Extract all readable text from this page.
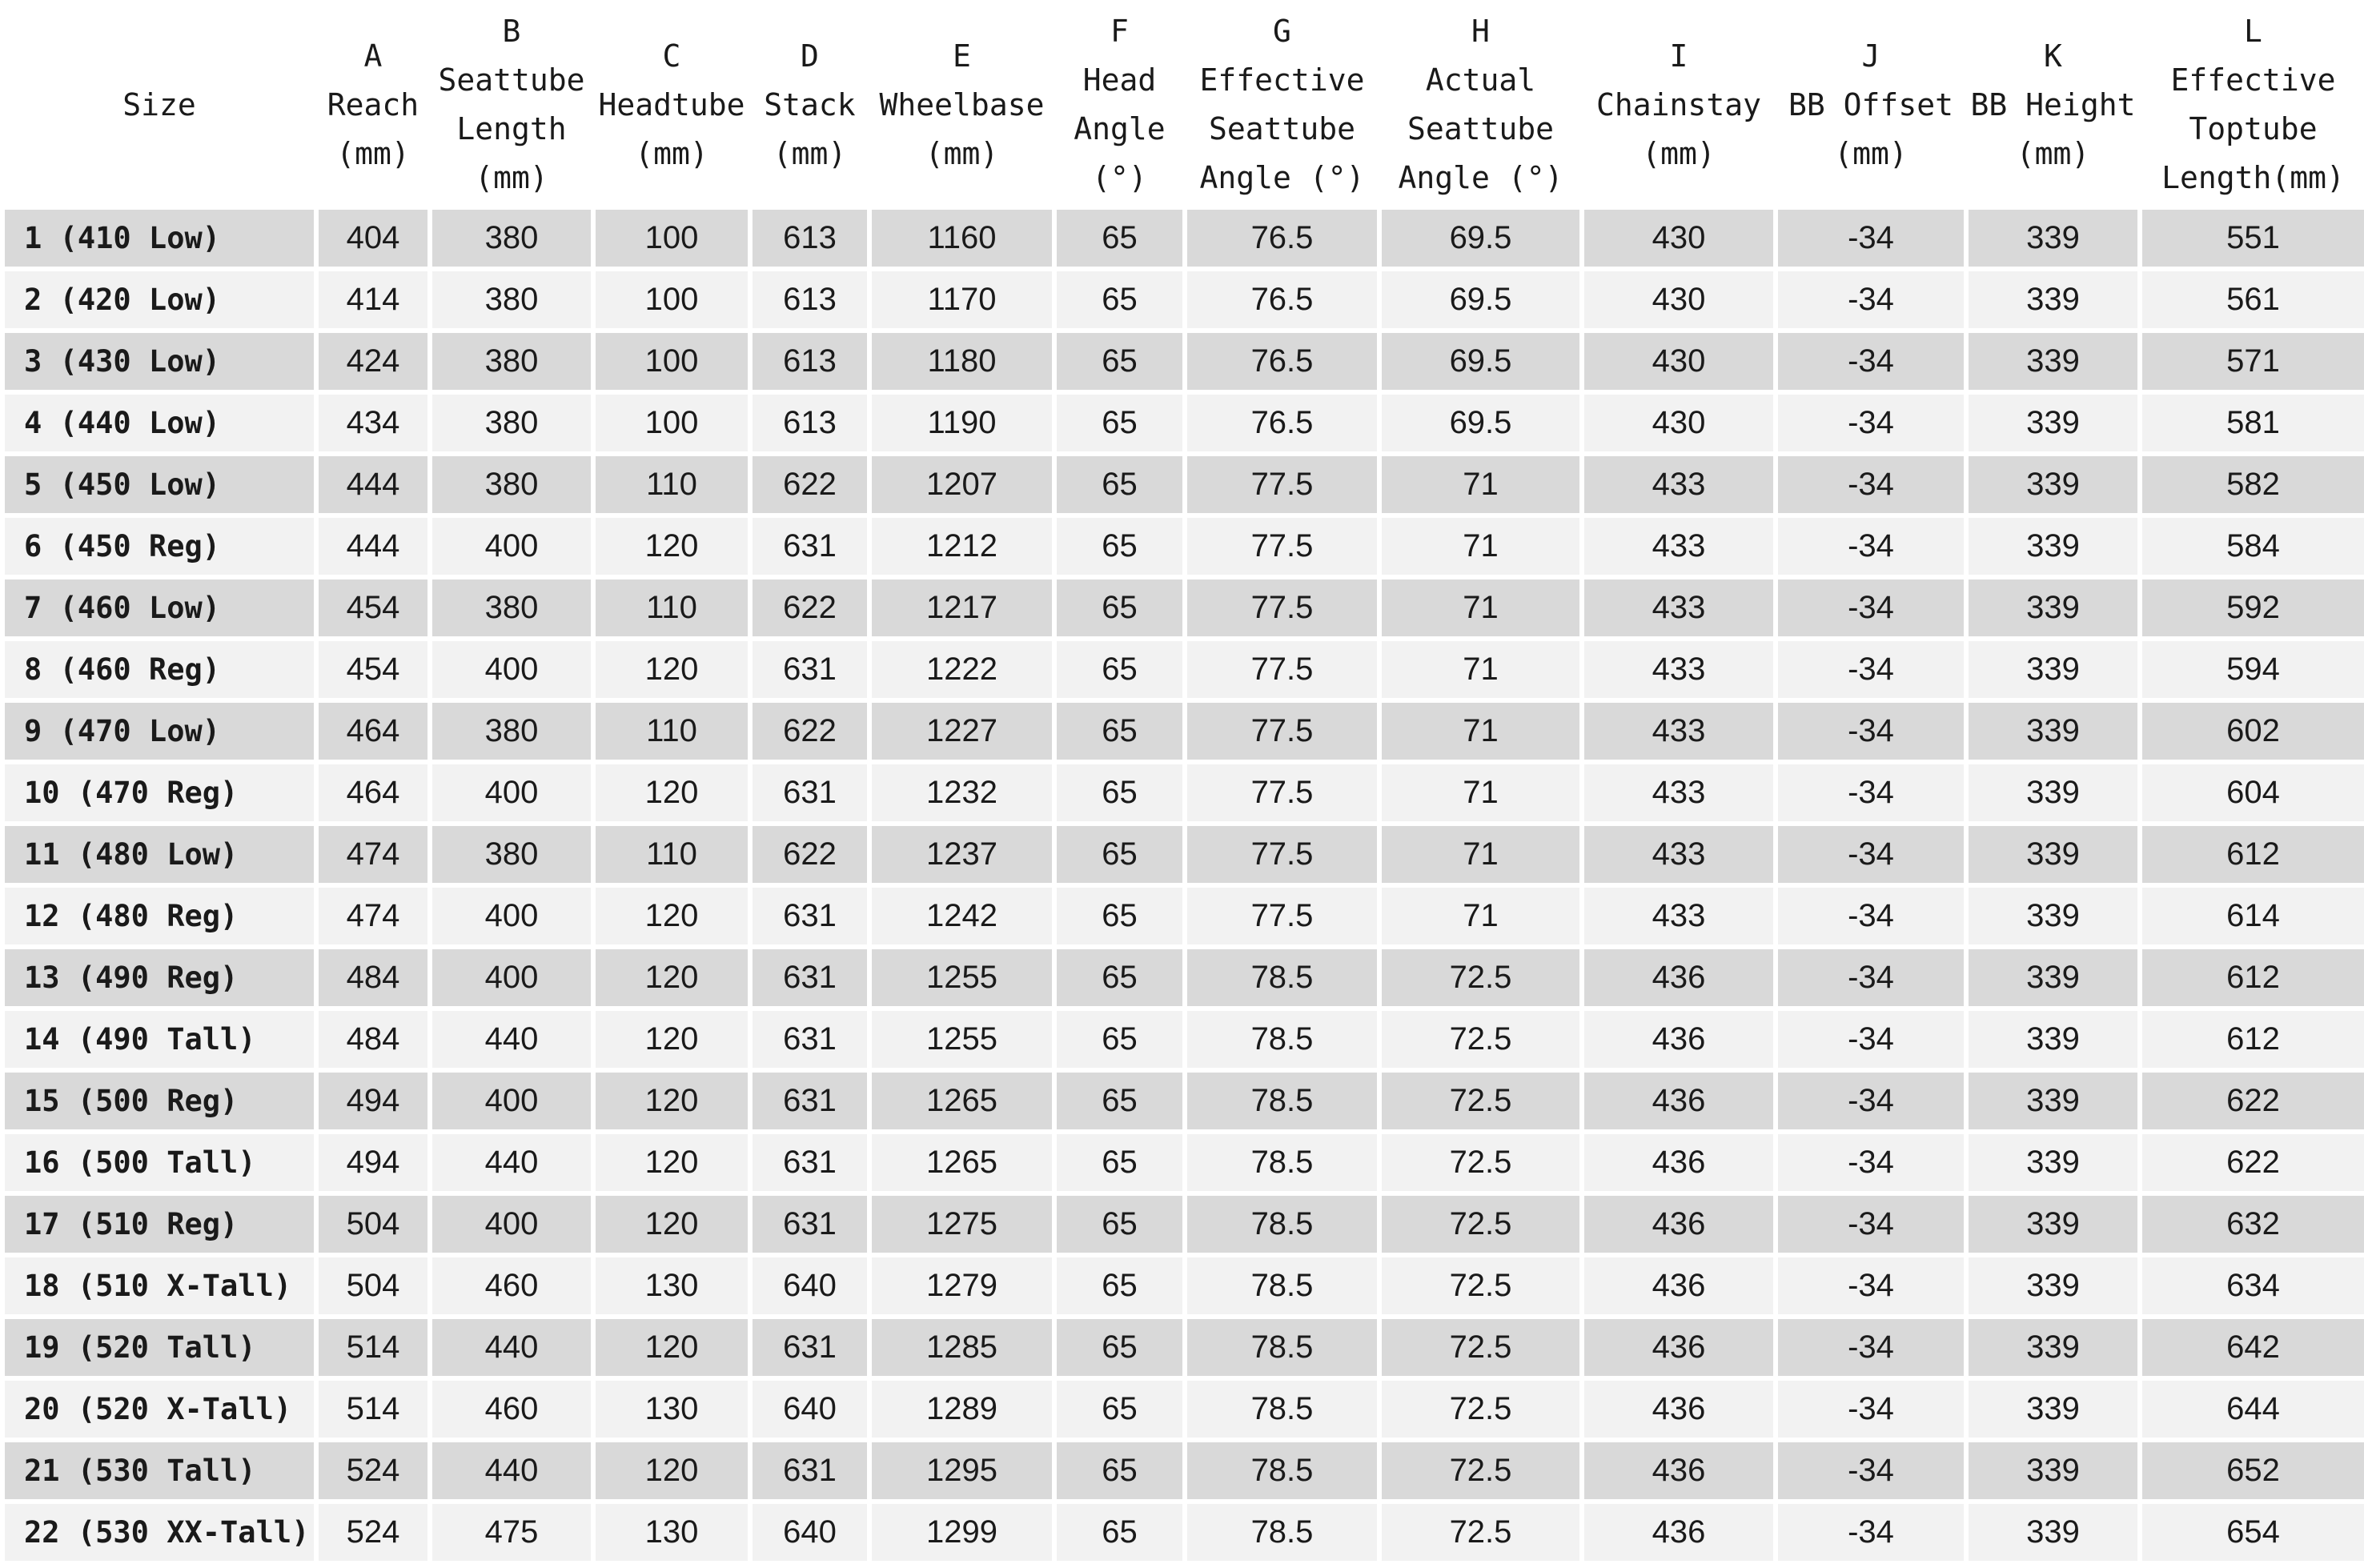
Size	A
Reach
(mm)	B
Seattube
Length
(mm)	C
Headtube
(mm)	D
Stack
(mm)	E
Wheelbase
(mm)	F
Head
Angle
(°)	G
Effective
Seattube
Angle (°)	H
Actual
Seattube
Angle (°)	I
Chainstay
(mm)	J
BB Offset
(mm)	K
BB Height
(mm)	L
Effective
Toptube
Length(mm)

1 (410 Low)	404	380	100	613	1160	65	76.5	69.5	430	-34	339	551
2 (420 Low)	414	380	100	613	1170	65	76.5	69.5	430	-34	339	561
3 (430 Low)	424	380	100	613	1180	65	76.5	69.5	430	-34	339	571
4 (440 Low)	434	380	100	613	1190	65	76.5	69.5	430	-34	339	581
5 (450 Low)	444	380	110	622	1207	65	77.5	71	433	-34	339	582
6 (450 Reg)	444	400	120	631	1212	65	77.5	71	433	-34	339	584
7 (460 Low)	454	380	110	622	1217	65	77.5	71	433	-34	339	592
8 (460 Reg)	454	400	120	631	1222	65	77.5	71	433	-34	339	594
9 (470 Low)	464	380	110	622	1227	65	77.5	71	433	-34	339	602
10 (470 Reg)	464	400	120	631	1232	65	77.5	71	433	-34	339	604
11 (480 Low)	474	380	110	622	1237	65	77.5	71	433	-34	339	612
12 (480 Reg)	474	400	120	631	1242	65	77.5	71	433	-34	339	614
13 (490 Reg)	484	400	120	631	1255	65	78.5	72.5	436	-34	339	612
14 (490 Tall)	484	440	120	631	1255	65	78.5	72.5	436	-34	339	612
15 (500 Reg)	494	400	120	631	1265	65	78.5	72.5	436	-34	339	622
16 (500 Tall)	494	440	120	631	1265	65	78.5	72.5	436	-34	339	622
17 (510 Reg)	504	400	120	631	1275	65	78.5	72.5	436	-34	339	632
18 (510 X-Tall)	504	460	130	640	1279	65	78.5	72.5	436	-34	339	634
19 (520 Tall)	514	440	120	631	1285	65	78.5	72.5	436	-34	339	642
20 (520 X-Tall)	514	460	130	640	1289	65	78.5	72.5	436	-34	339	644
21 (530 Tall)	524	440	120	631	1295	65	78.5	72.5	436	-34	339	652
22 (530 XX-Tall)	524	475	130	640	1299	65	78.5	72.5	436	-34	339	654
